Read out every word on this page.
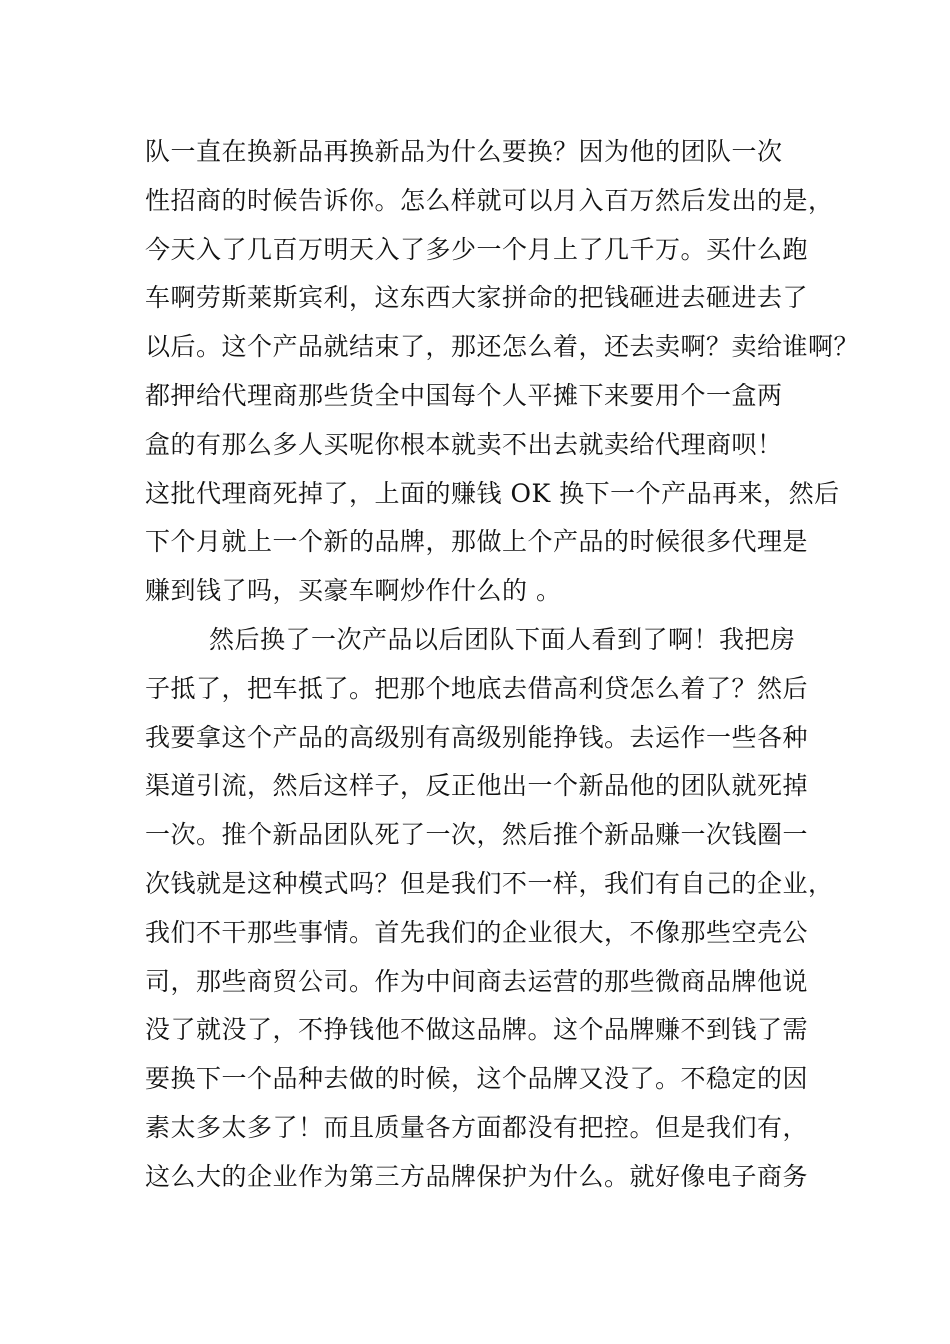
队一直在换新品再换新品为什么要换？因为他的团队一次
性招商的时候告诉你。怎么样就可以月入百万然后发出的是，
今天入了几百万明天入了多少一个月上了几千万。买什么跑
车啊劳斯莱斯宾利，这东西大家拼命的把钱砸进去砸进去了
以后。这个产品就结束了，那还怎么着，还去卖啊？卖给谁啊？
都押给代理商那些货全中国每个人平摊下来要用个一盒两
盒的有那么多人买呢你根本就卖不出去就卖给代理商呗！
这批代理商死掉了，上面的赚钱 OK 换下一个产品再来，然后
下个月就上一个新的品牌，那做上个产品的时候很多代理是
赚到钱了吗，买豪车啊炒作什么的 。
然后换了一次产品以后团队下面人看到了啊！我把房
子抵了，把车抵了。把那个地底去借高利贷怎么着了？然后
我要拿这个产品的高级别有高级别能挣钱。去运作一些各种
渠道引流，然后这样子，反正他出一个新品他的团队就死掉
一次。推个新品团队死了一次，然后推个新品赚一次钱圈一
次钱就是这种模式吗？但是我们不一样，我们有自己的企业，
我们不干那些事情。首先我们的企业很大，不像那些空壳公
司，那些商贸公司。作为中间商去运营的那些微商品牌他说
没了就没了，不挣钱他不做这品牌。这个品牌赚不到钱了需
要换下一个品种去做的时候，这个品牌又没了。不稳定的因
素太多太多了！而且质量各方面都没有把控。但是我们有，
这么大的企业作为第三方品牌保护为什么。就好像电子商务
